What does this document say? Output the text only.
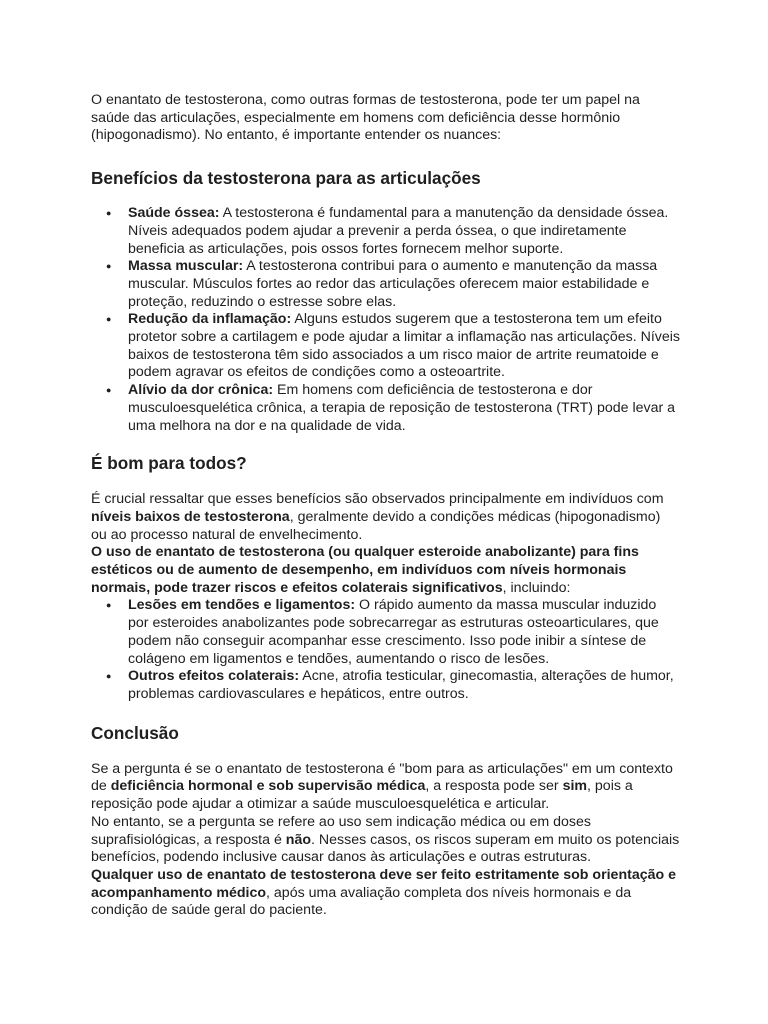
O enantato de testosterona, como outras formas de testosterona, pode ter um papel na saúde das articulações, especialmente em homens com deficiência desse hormônio (hipogonadismo). No entanto, é importante entender os nuances:

Benefícios da testosterona para as articulações
● Saúde óssea: A testosterona é fundamental para a manutenção da densidade óssea. Níveis adequados podem ajudar a prevenir a perda óssea, o que indiretamente beneficia as articulações, pois ossos fortes fornecem melhor suporte.
● Massa muscular: A testosterona contribui para o aumento e manutenção da massa muscular. Músculos fortes ao redor das articulações oferecem maior estabilidade e proteção, reduzindo o estresse sobre elas.
● Redução da inflamação: Alguns estudos sugerem que a testosterona tem um efeito protetor sobre a cartilagem e pode ajudar a limitar a inflamação nas articulações. Níveis baixos de testosterona têm sido associados a um risco maior de artrite reumatoide e podem agravar os efeitos de condições como a osteoartrite.
● Alívio da dor crônica: Em homens com deficiência de testosterona e dor musculoesquelética crônica, a terapia de reposição de testosterona (TRT) pode levar a uma melhora na dor e na qualidade de vida.
É bom para todos?

É crucial ressaltar que esses benefícios são observados principalmente em indivíduos com níveis baixos de testosterona, geralmente devido a condições médicas (hipogonadismo) ou ao processo natural de envelhecimento.

O uso de enantato de testosterona (ou qualquer esteroide anabolizante) para fins estéticos ou de aumento de desempenho, em indivíduos com níveis hormonais normais, pode trazer riscos e efeitos colaterais significativos, incluindo:

● Lesões em tendões e ligamentos: O rápido aumento da massa muscular induzido por esteroides anabolizantes pode sobrecarregar as estruturas osteoarticulares, que podem não conseguir acompanhar esse crescimento. Isso pode inibir a síntese de colágeno em ligamentos e tendões, aumentando o risco de lesões.
● Outros efeitos colaterais: Acne, atrofia testicular, ginecomastia, alterações de humor, problemas cardiovasculares e hepáticos, entre outros.
Conclusão

Se a pergunta é se o enantato de testosterona é "bom para as articulações" em um contexto de deficiência hormonal e sob supervisão médica, a resposta pode ser sim, pois a reposição pode ajudar a otimizar a saúde musculoesquelética e articular.

No entanto, se a pergunta se refere ao uso sem indicação médica ou em doses suprafisiológicas, a resposta é não. Nesses casos, os riscos superam em muito os potenciais benefícios, podendo inclusive causar danos às articulações e outras estruturas.

Qualquer uso de enantato de testosterona deve ser feito estritamente sob orientação e acompanhamento médico, após uma avaliação completa dos níveis hormonais e da condição de saúde geral do paciente.
